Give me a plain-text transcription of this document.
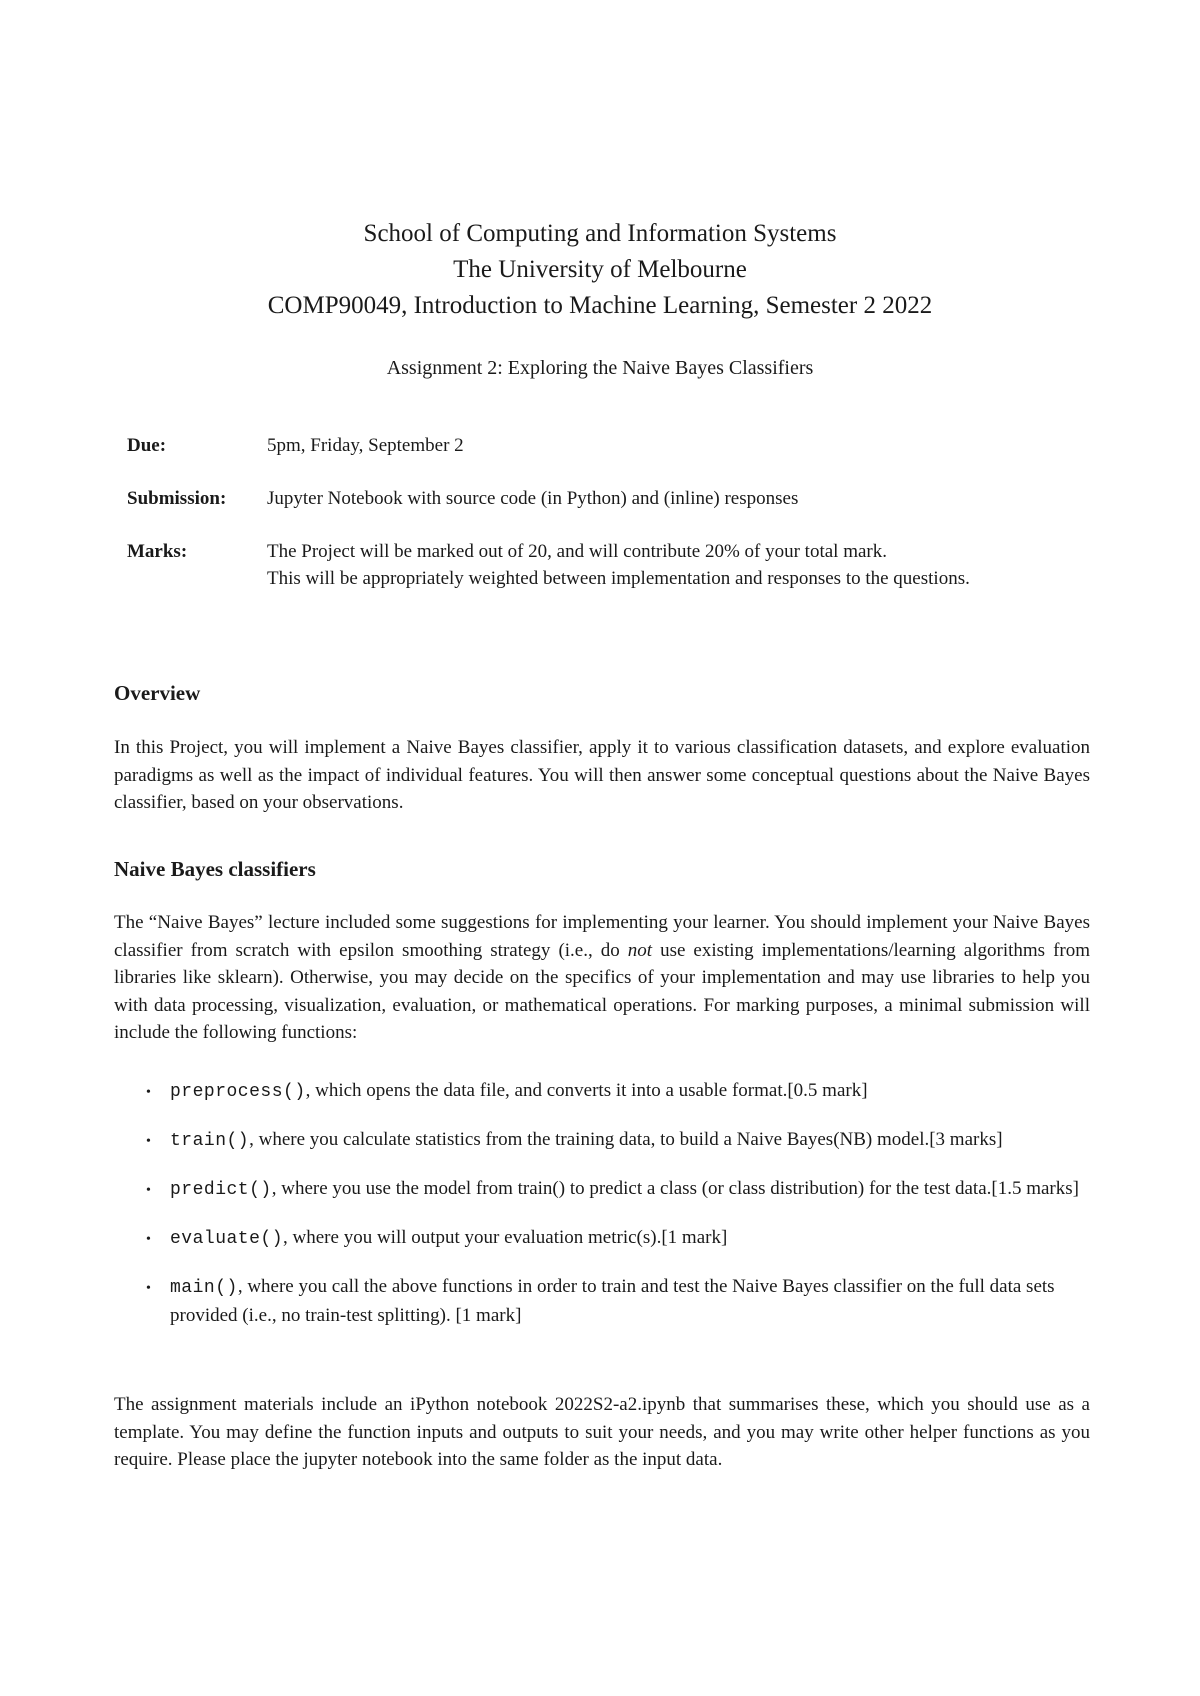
School of Computing and Information Systems
The University of Melbourne
COMP90049, Introduction to Machine Learning, Semester 2 2022
Assignment 2: Exploring the Naive Bayes Classifiers
Due:	5pm, Friday, September 2
Submission:	Jupyter Notebook with source code (in Python) and (inline) responses
Marks:	The Project will be marked out of 20, and will contribute 20% of your total mark.
This will be appropriately weighted between implementation and responses to the questions.
Overview
In this Project, you will implement a Naive Bayes classifier, apply it to various classification datasets, and explore evaluation paradigms as well as the impact of individual features. You will then answer some conceptual questions about the Naive Bayes classifier, based on your observations.
Naive Bayes classifiers
The “Naive Bayes” lecture included some suggestions for implementing your learner. You should implement your Naive Bayes classifier from scratch with epsilon smoothing strategy (i.e., do not use existing implementations/learning algorithms from libraries like sklearn). Otherwise, you may decide on the specifics of your implementation and may use libraries to help you with data processing, visualization, evaluation, or mathematical operations. For marking purposes, a minimal submission will include the following functions:
• preprocess(), which opens the data file, and converts it into a usable format.[0.5 mark]
• train(), where you calculate statistics from the training data, to build a Naive Bayes(NB) model.[3 marks]
• predict(), where you use the model from train() to predict a class (or class distribution) for the test data.[1.5 marks]
• evaluate(), where you will output your evaluation metric(s).[1 mark]
• main(), where you call the above functions in order to train and test the Naive Bayes classifier on the full data sets provided (i.e., no train-test splitting). [1 mark]
The assignment materials include an iPython notebook 2022S2-a2.ipynb that summarises these, which you should use as a template. You may define the function inputs and outputs to suit your needs, and you may write other helper functions as you require. Please place the jupyter notebook into the same folder as the input data.
